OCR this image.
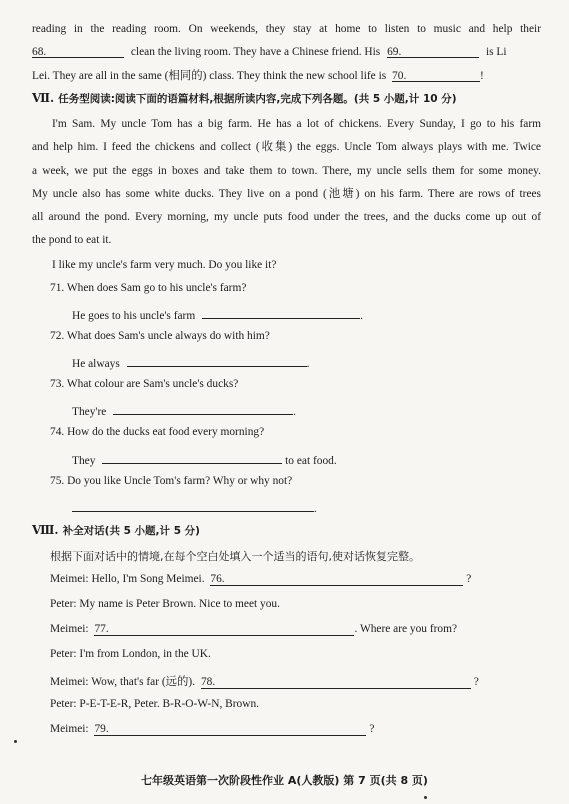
reading in the reading room. On weekends, they stay at home to listen to music and help their
68.	clean the living room. They have a Chinese friend. His 69.	is Li
Lei. They are all in the same (相同的) class. They think the new school life is 70.	!
Ⅶ. 任务型阅读:阅读下面的语篇材料,根据所读内容,完成下列各题。(共 5 小题,计 10 分)
I'm Sam. My uncle Tom has a big farm. He has a lot of chickens. Every Sunday, I go to his farm
and help him. I feed the chickens and collect (收集) the eggs. Uncle Tom always plays with me. Twice
a week, we put the eggs in boxes and take them to town. There, my uncle sells them for some money.
My uncle also has some white ducks. They live on a pond (池塘) on his farm. There are rows of trees
all around the pond. Every morning, my uncle puts food under the trees, and the ducks come up out of
the pond to eat it.
I like my uncle's farm very much. Do you like it?
71. When does Sam go to his uncle's farm?
He goes to his uncle's farm	.
72. What does Sam's uncle always do with him?
He always	.
73. What colour are Sam's uncle's ducks?
They're	.
74. How do the ducks eat food every morning?
They	to eat food.
75. Do you like Uncle Tom's farm? Why or why not?
.
Ⅷ. 补全对话(共 5 小题,计 5 分)
根据下面对话中的情境,在每个空白处填入一个适当的语句,使对话恢复完整。
Meimei: Hello, I'm Song Meimei. 76.	?
Peter: My name is Peter Brown. Nice to meet you.
Meimei: 77.	. Where are you from?
Peter: I'm from London, in the UK.
Meimei: Wow, that's far (远的). 78.	?
Peter: P-E-T-E-R, Peter. B-R-O-W-N, Brown.
Meimei: 79.	?
七年级英语第一次阶段性作业 A(人教版) 第 7 页(共 8 页)
